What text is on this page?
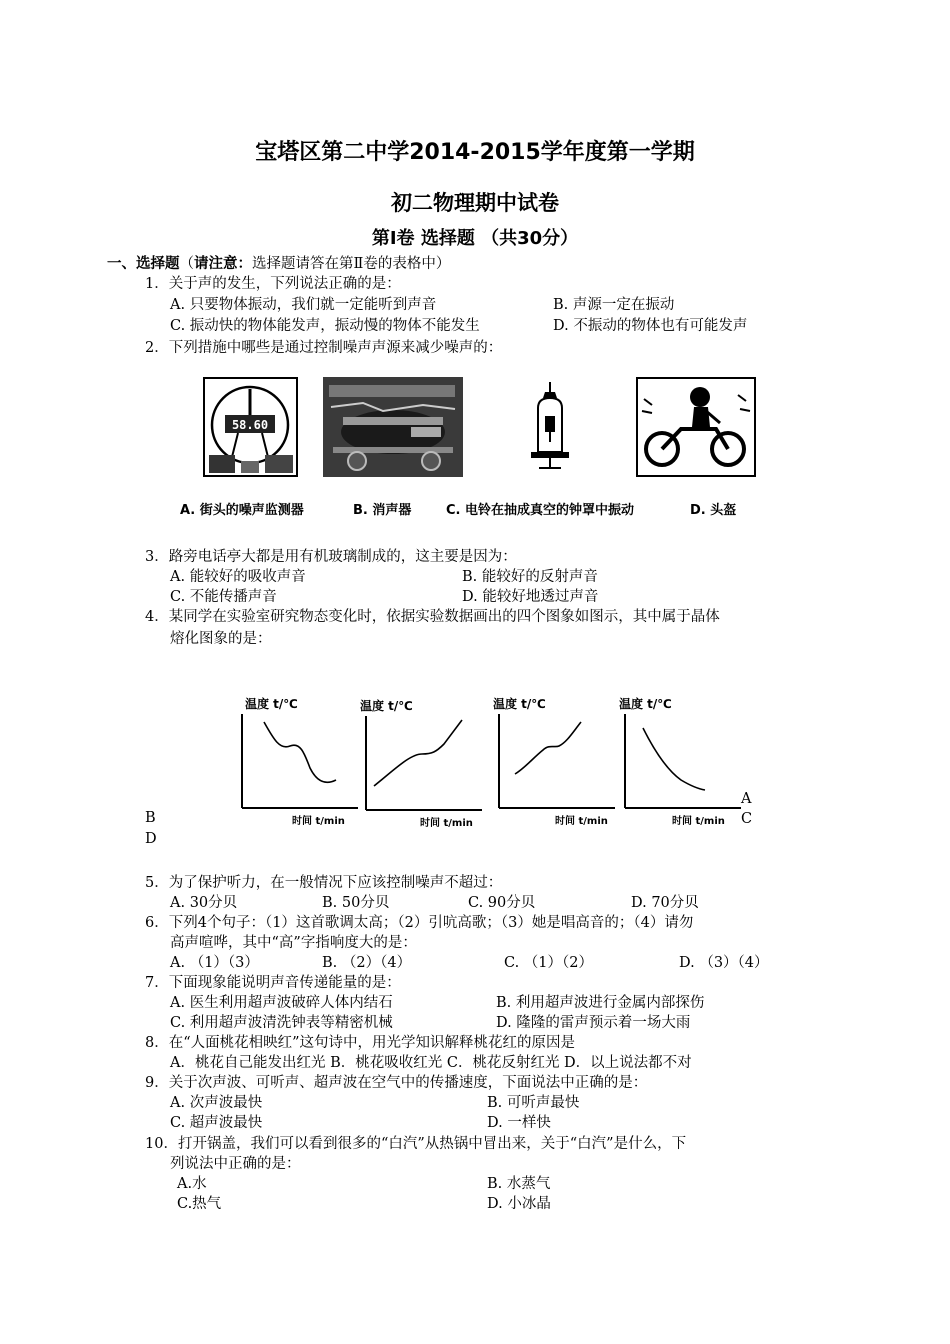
宝塔区第二中学2014-2015学年度第一学期
初二物理期中试卷
第Ⅰ卷 选择题 （共30分）
一、选择题（请注意：选择题请答在第Ⅱ卷的表格中）
1．关于声的发生，下列说法正确的是：
A. 只要物体振动，我们就一定能听到声音	B. 声源一定在振动
C. 振动快的物体能发声，振动慢的物体不能发生	D. 不振动的物体也有可能发声
2．下列措施中哪些是通过控制噪声声源来减少噪声的：
58.60
A. 街头的噪声监测器	B. 消声器	C. 电铃在抽成真空的钟罩中振动	D. 头盔
3．路旁电话亭大都是用有机玻璃制成的，这主要是因为：
A. 能较好的吸收声音	B. 能较好的反射声音
C. 不能传播声音	D. 能较好地透过声音
4．某同学在实验室研究物态变化时，依据实验数据画出的四个图象如图示，其中属于晶体
熔化图象的是：
温度 t/℃
时间 t/min
温度 t/℃
时间 t/min
温度 t/℃
时间 t/min
温度 t/℃
时间 t/min
B
D
A
C
5．为了保护听力，在一般情况下应该控制噪声不超过：
A. 30分贝	B. 50分贝	C. 90分贝	D. 70分贝
6．下列4个句子：（1）这首歌调太高；（2）引吭高歌；（3）她是唱高音的；（4）请勿
高声喧哗，其中“高”字指响度大的是：
A. （1）（3）	B. （2）（4）	C. （1）（2）	D. （3）（4）
7．下面现象能说明声音传递能量的是：
A. 医生利用超声波破碎人体内结石	B. 利用超声波进行金属内部探伤
C. 利用超声波清洗钟表等精密机械	D. 隆隆的雷声预示着一场大雨
8．在“人面桃花相映红”这句诗中，用光学知识解释桃花红的原因是
A．桃花自己能发出红光 B．桃花吸收红光 C．桃花反射红光 D．以上说法都不对
9．关于次声波、可听声、超声波在空气中的传播速度，下面说法中正确的是：
A. 次声波最快	B. 可听声最快
C. 超声波最快	D. 一样快
10．打开锅盖，我们可以看到很多的“白汽”从热锅中冒出来，关于“白汽”是什么，下
列说法中正确的是：
A.水	B. 水蒸气
C.热气	D. 小冰晶
